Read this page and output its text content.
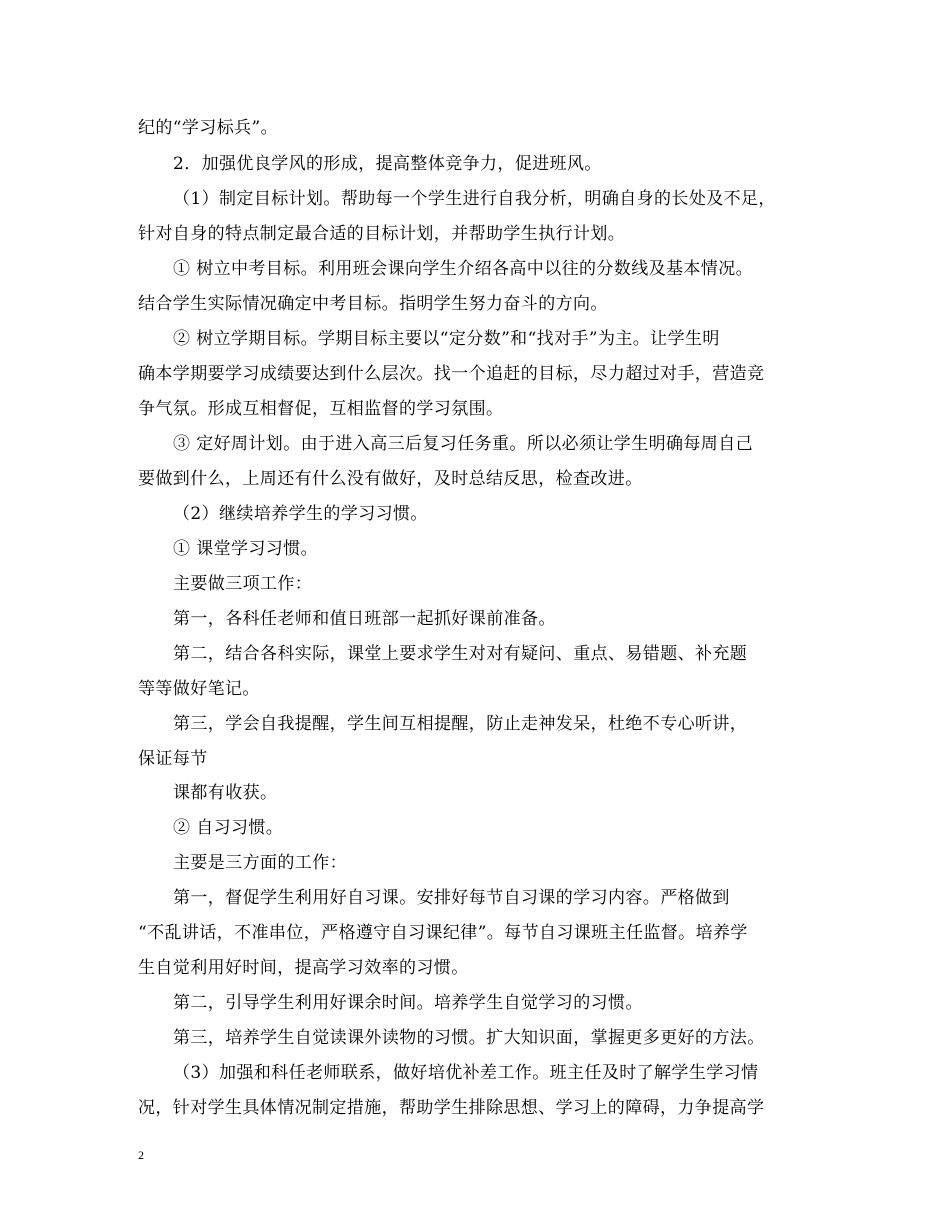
纪的“学习标兵”。
2．加强优良学风的形成，提高整体竞争力，促进班风。
（1）制定目标计划。帮助每一个学生进行自我分析，明确自身的长处及不足，
针对自身的特点制定最合适的目标计划，并帮助学生执行计划。
① 树立中考目标。利用班会课向学生介绍各高中以往的分数线及基本情况。
结合学生实际情况确定中考目标。指明学生努力奋斗的方向。
② 树立学期目标。学期目标主要以“定分数”和“找对手”为主。让学生明
确本学期要学习成绩要达到什么层次。找一个追赶的目标，尽力超过对手，营造竞
争气氛。形成互相督促，互相监督的学习氛围。
③ 定好周计划。由于进入高三后复习任务重。所以必须让学生明确每周自己
要做到什么，上周还有什么没有做好，及时总结反思，检查改进。
（2）继续培养学生的学习习惯。
① 课堂学习习惯。
主要做三项工作：
第一，各科任老师和值日班部一起抓好课前准备。
第二，结合各科实际，课堂上要求学生对对有疑问、重点、易错题、补充题
等等做好笔记。
第三，学会自我提醒，学生间互相提醒，防止走神发呆，杜绝不专心听讲，
保证每节
课都有收获。
② 自习习惯。
主要是三方面的工作：
第一，督促学生利用好自习课。安排好每节自习课的学习内容。严格做到
“不乱讲话，不准串位，严格遵守自习课纪律”。每节自习课班主任监督。培养学
生自觉利用好时间，提高学习效率的习惯。
第二，引导学生利用好课余时间。培养学生自觉学习的习惯。
第三，培养学生自觉读课外读物的习惯。扩大知识面，掌握更多更好的方法。
（3）加强和科任老师联系，做好培优补差工作。班主任及时了解学生学习情
况，针对学生具体情况制定措施，帮助学生排除思想、学习上的障碍，力争提高学
2
